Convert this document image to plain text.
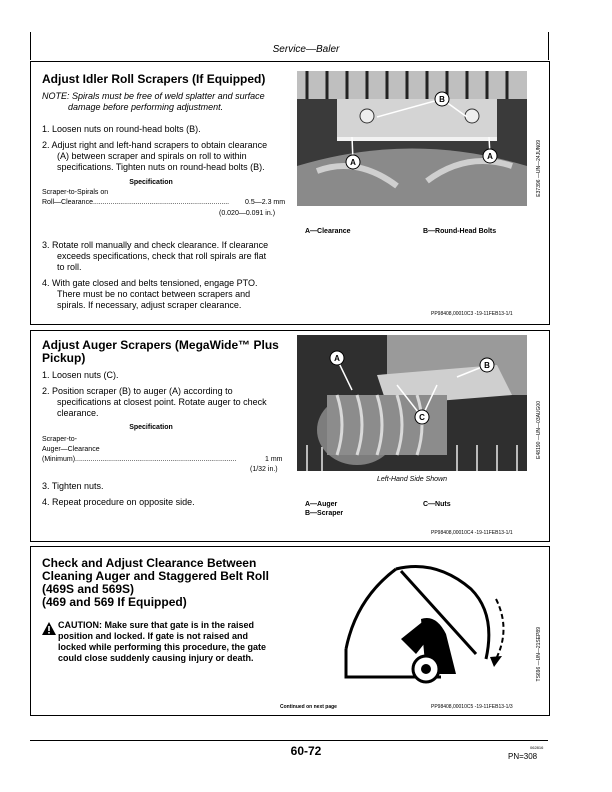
Service—Baler
Adjust Idler Roll Scrapers (If Equipped)
NOTE: Spirals must be free of weld splatter and surface
damage before performing adjustment.
1. Loosen nuts on round-head bolts (B).
2. Adjust right and left-hand scrapers to obtain clearance
(A) between scraper and spirals on roll to within
specifications. Tighten nuts on round-head bolts (B).
Specification
Scraper-to-Spirals on
Roll—Clearance......................................................................	0.5—2.3 mm
(0.020—0.091 in.)
3. Rotate roll manually and check clearance. If clearance
exceeds specifications, check that roll spirals are flat
to roll.
4. With gate closed and belts tensioned, engage PTO.
There must be no contact between scrapers and
spirals. If necessary, adjust scraper clearance.
B
A
A	E37396 —UN—24JUN09
A—Clearance	B—Round-Head Bolts
PP98408,00010C3 -19-11FEB13-1/1
Adjust Auger Scrapers (MegaWide™ Plus
Pickup)
1. Loosen nuts (C).
2. Position scraper (B) to auger (A) according to
specifications at closest point. Rotate auger to check
clearance.
Specification
Scraper-to-
Auger—Clearance
(Minimum)...................................................................................	1 mm
(1/32 in.)
3. Tighten nuts.
4. Repeat procedure on opposite side.
A
B
C	E48190 —UN—03AUG00
Left-Hand Side Shown
A—Auger
B—Scraper
C—Nuts
PP98408,00010C4 -19-11FEB13-1/1
Check and Adjust Clearance Between
Cleaning Auger and Staggered Belt Roll
(469S and 569S)
(469 and 569 If Equipped)
CAUTION: Make sure that gate is in the raised
position and locked. If gate is not raised and
locked while performing this procedure, the gate
could close suddenly causing injury or death.	TS696 —UN—21SEP89
Continued on next page	PP98408,00010C5 -19-11FEB13-1/3
60-72	062816
PN=308
